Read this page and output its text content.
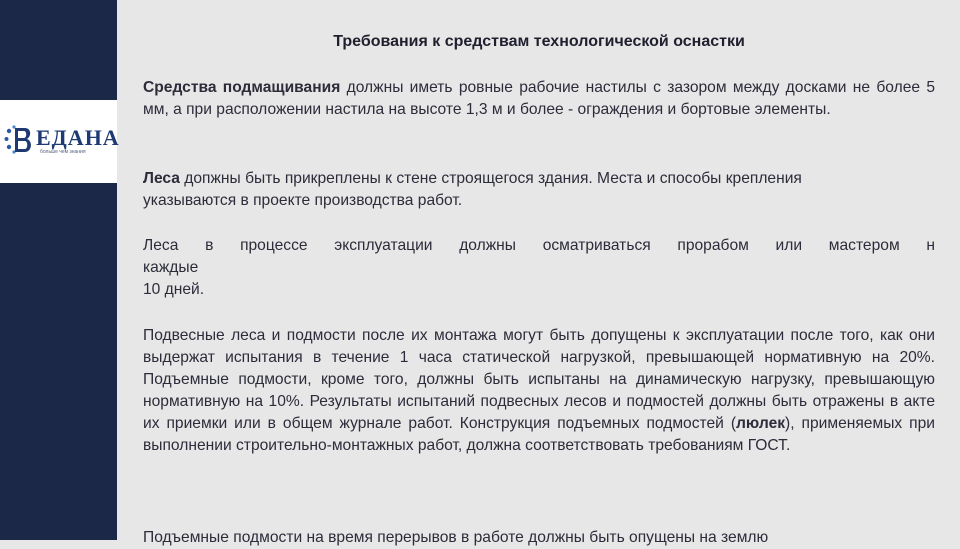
ЕДАНА
больше чем знания
Требования к средствам технологической оснастки

Средства подмащивания должны иметь ровные рабочие настилы с зазором между досками не более 5 мм, а при расположении настила на высоте 1,3 м и более - ограждения и бортовые элементы.

Леса допжны быть прикреплены к стене строящегося здания. Места и способы крепления
указываются в проекте производства работ.

Леса в процессе эксплуатации должны осматриваться прорабом или мастером н
каждые
10 дней.

Подвесные леса и подмости после их монтажа могут быть допущены к эксплуатации после того, как они выдержат испытания в течение 1 часа статической нагрузкой, превышающей нормативную на 20%. Подъемные подмости, кроме того, должны быть испытаны на динамическую нагрузку, превышающую нормативную на 10%. Результаты испытаний подвесных лесов и подмостей должны быть отражены в акте их приемки или в общем журнале работ. Конструкция подъемных подмостей (люлек), применяемых при выполнении строительно-монтажных работ, должна соответствовать требованиям ГОСТ.

Подъемные подмости на время перерывов в работе должны быть опущены на землю
